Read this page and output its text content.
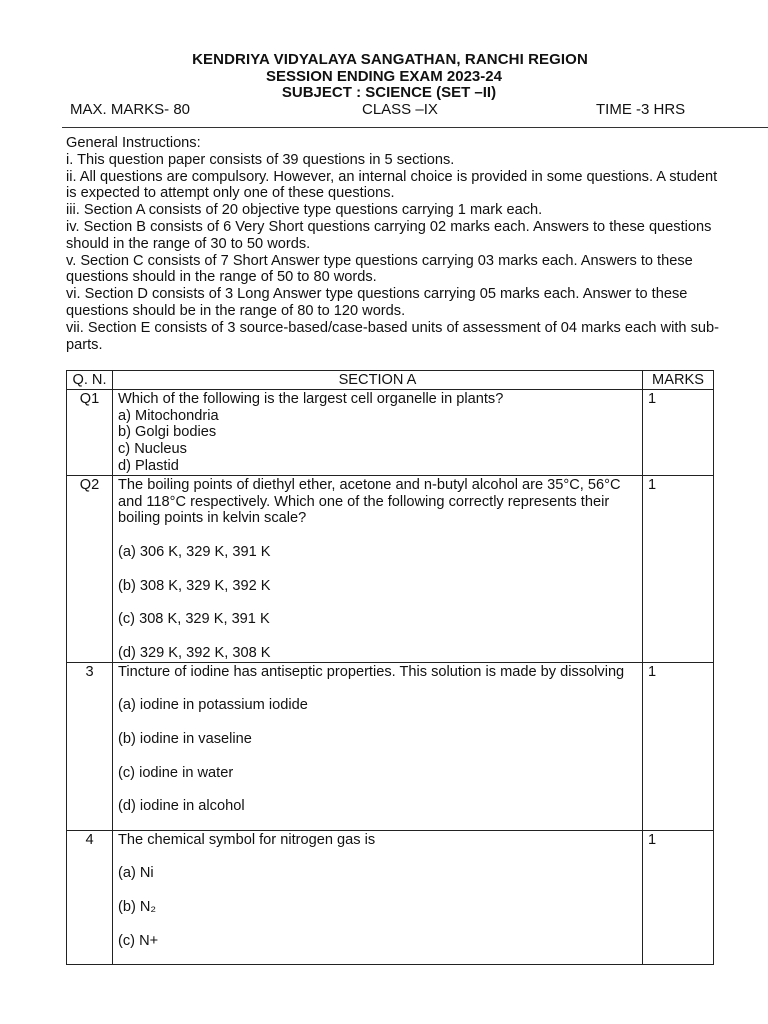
KENDRIYA VIDYALAYA SANGATHAN, RANCHI REGION
SESSION ENDING EXAM 2023-24
SUBJECT : SCIENCE (SET –II)
MAX. MARKS- 80	CLASS –IX	TIME -3 HRS
General Instructions:
i. This question paper consists of 39 questions in 5 sections.
ii. All questions are compulsory. However, an internal choice is provided in some questions. A student is expected to attempt only one of these questions.
iii. Section A consists of 20 objective type questions carrying 1 mark each.
iv. Section B consists of 6 Very Short questions carrying 02 marks each. Answers to these questions should in the range of 30 to 50 words.
v. Section C consists of 7 Short Answer type questions carrying 03 marks each. Answers to these questions should in the range of 50 to 80 words.
vi. Section D consists of 3 Long Answer type questions carrying 05 marks each. Answer to these questions should be in the range of 80 to 120 words.
vii. Section E consists of 3 source-based/case-based units of assessment of 04 marks each with sub-parts.
Q. N.	SECTION A	MARKS
Q1	Which of the following is the largest cell organelle in plants?
a) Mitochondria
b) Golgi bodies
c) Nucleus
d) Plastid	1
Q2	The boiling points of diethyl ether, acetone and n-butyl alcohol are 35°C, 56°C and 118°C respectively. Which one of the following correctly represents their boiling points in kelvin scale?
(a) 306 K, 329 K, 391 K
(b) 308 K, 329 K, 392 K
(c) 308 K, 329 K, 391 K
(d) 329 K, 392 K, 308 K	1
3	Tincture of iodine has antiseptic properties. This solution is made by dissolving
(a) iodine in potassium iodide
(b) iodine in vaseline
(c) iodine in water
(d) iodine in alcohol	1
4	The chemical symbol for nitrogen gas is
(a) Ni
(b) N₂
(c) N+	1
